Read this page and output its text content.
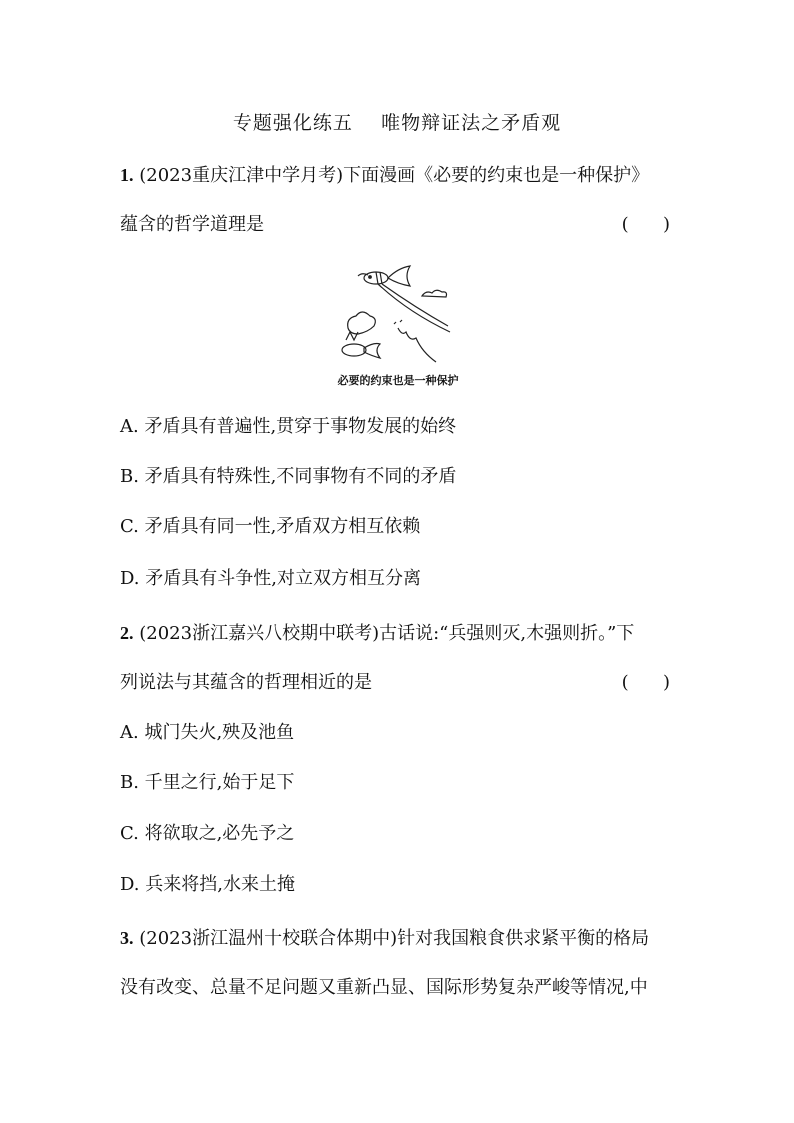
专题强化练五    唯物辩证法之矛盾观
1. (2023重庆江津中学月考)下面漫画《必要的约束也是一种保护》
蕴含的哲学道理是	(      )
必要的约束也是一种保护
A. 矛盾具有普遍性,贯穿于事物发展的始终
B. 矛盾具有特殊性,不同事物有不同的矛盾
C. 矛盾具有同一性,矛盾双方相互依赖
D. 矛盾具有斗争性,对立双方相互分离
2. (2023浙江嘉兴八校期中联考)古话说:“兵强则灭,木强则折。”下
列说法与其蕴含的哲理相近的是	(      )
A. 城门失火,殃及池鱼
B. 千里之行,始于足下
C. 将欲取之,必先予之
D. 兵来将挡,水来土掩
3. (2023浙江温州十校联合体期中)针对我国粮食供求紧平衡的格局
没有改变、总量不足问题又重新凸显、国际形势复杂严峻等情况,中
